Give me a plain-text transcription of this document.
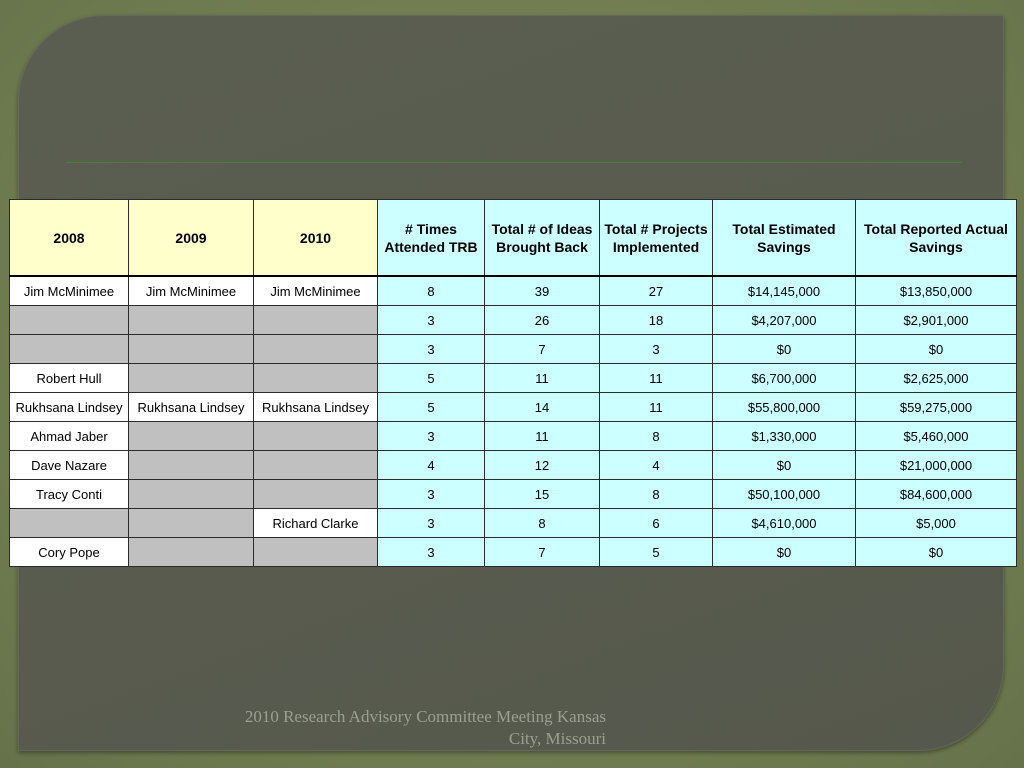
2008	2009	2010	# Times Attended TRB	Total # of Ideas Brought Back	Total # Projects Implemented	Total Estimated Savings	Total Reported Actual Savings
Jim McMinimee	Jim McMinimee	Jim McMinimee	8	39	27	$14,145,000	$13,850,000
			3	26	18	$4,207,000	$2,901,000
			3	7	3	$0	$0
Robert Hull			5	11	11	$6,700,000	$2,625,000
Rukhsana Lindsey	Rukhsana Lindsey	Rukhsana Lindsey	5	14	11	$55,800,000	$59,275,000
Ahmad Jaber			3	11	8	$1,330,000	$5,460,000
Dave Nazare			4	12	4	$0	$21,000,000
Tracy Conti			3	15	8	$50,100,000	$84,600,000
		Richard Clarke	3	8	6	$4,610,000	$5,000
Cory Pope			3	7	5	$0	$0
2010 Research Advisory Committee Meeting Kansas
City, Missouri
